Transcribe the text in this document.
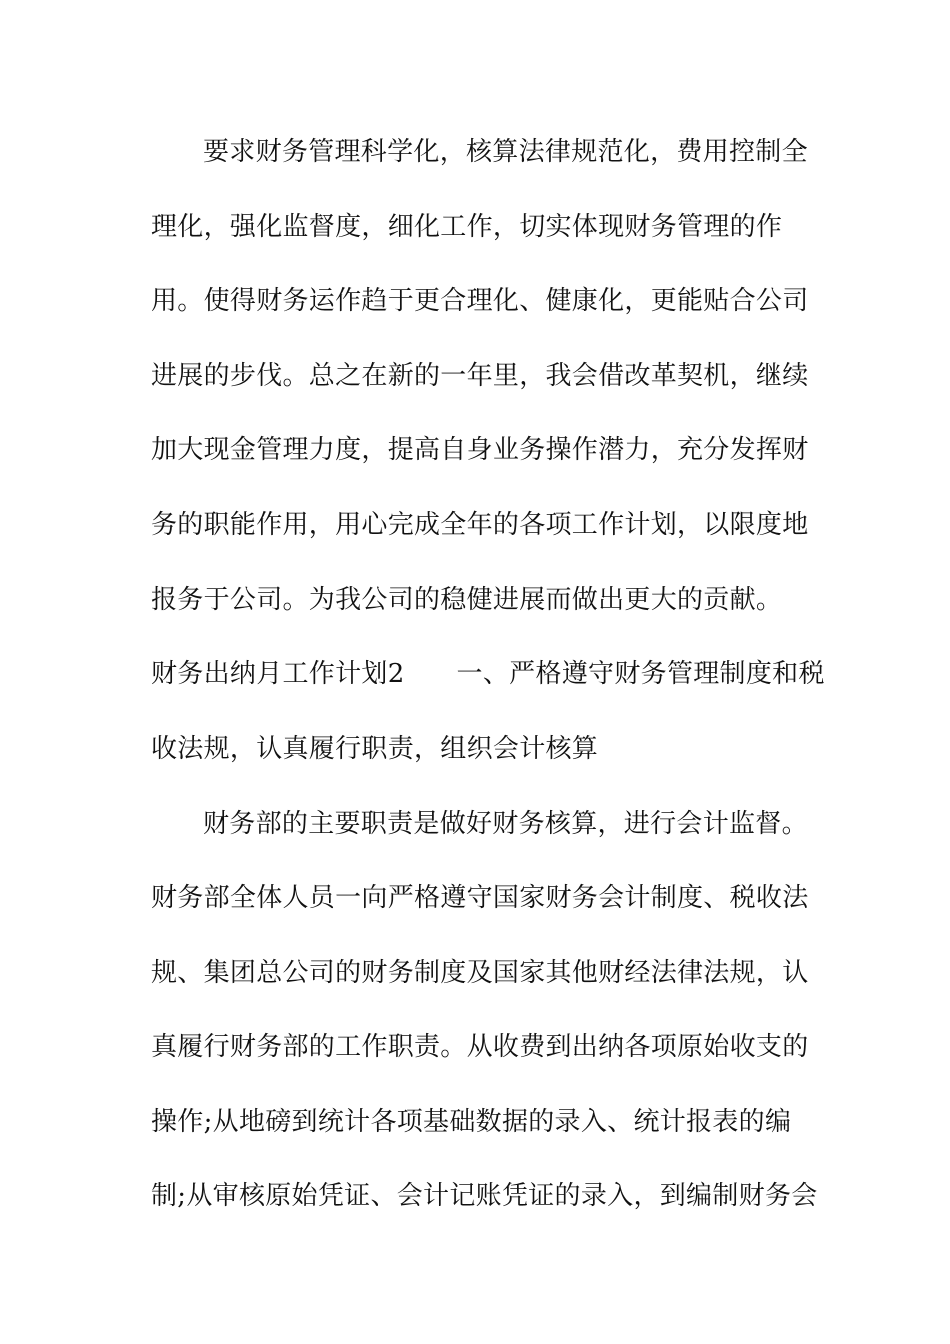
要求财务管理科学化，核算法律规范化，费用控制全
理化，强化监督度，细化工作，切实体现财务管理的作
用。使得财务运作趋于更合理化、健康化，更能贴合公司
进展的步伐。总之在新的一年里，我会借改革契机，继续
加大现金管理力度，提高自身业务操作潜力，充分发挥财
务的职能作用，用心完成全年的各项工作计划，以限度地
报务于公司。为我公司的稳健进展而做出更大的贡献。
财务出纳月工作计划2 一、严格遵守财务管理制度和税
收法规，认真履行职责，组织会计核算
财务部的主要职责是做好财务核算，进行会计监督。
财务部全体人员一向严格遵守国家财务会计制度、税收法
规、集团总公司的财务制度及国家其他财经法律法规，认
真履行财务部的工作职责。从收费到出纳各项原始收支的
操作;从地磅到统计各项基础数据的录入、统计报表的编
制;从审核原始凭证、会计记账凭证的录入，到编制财务会
